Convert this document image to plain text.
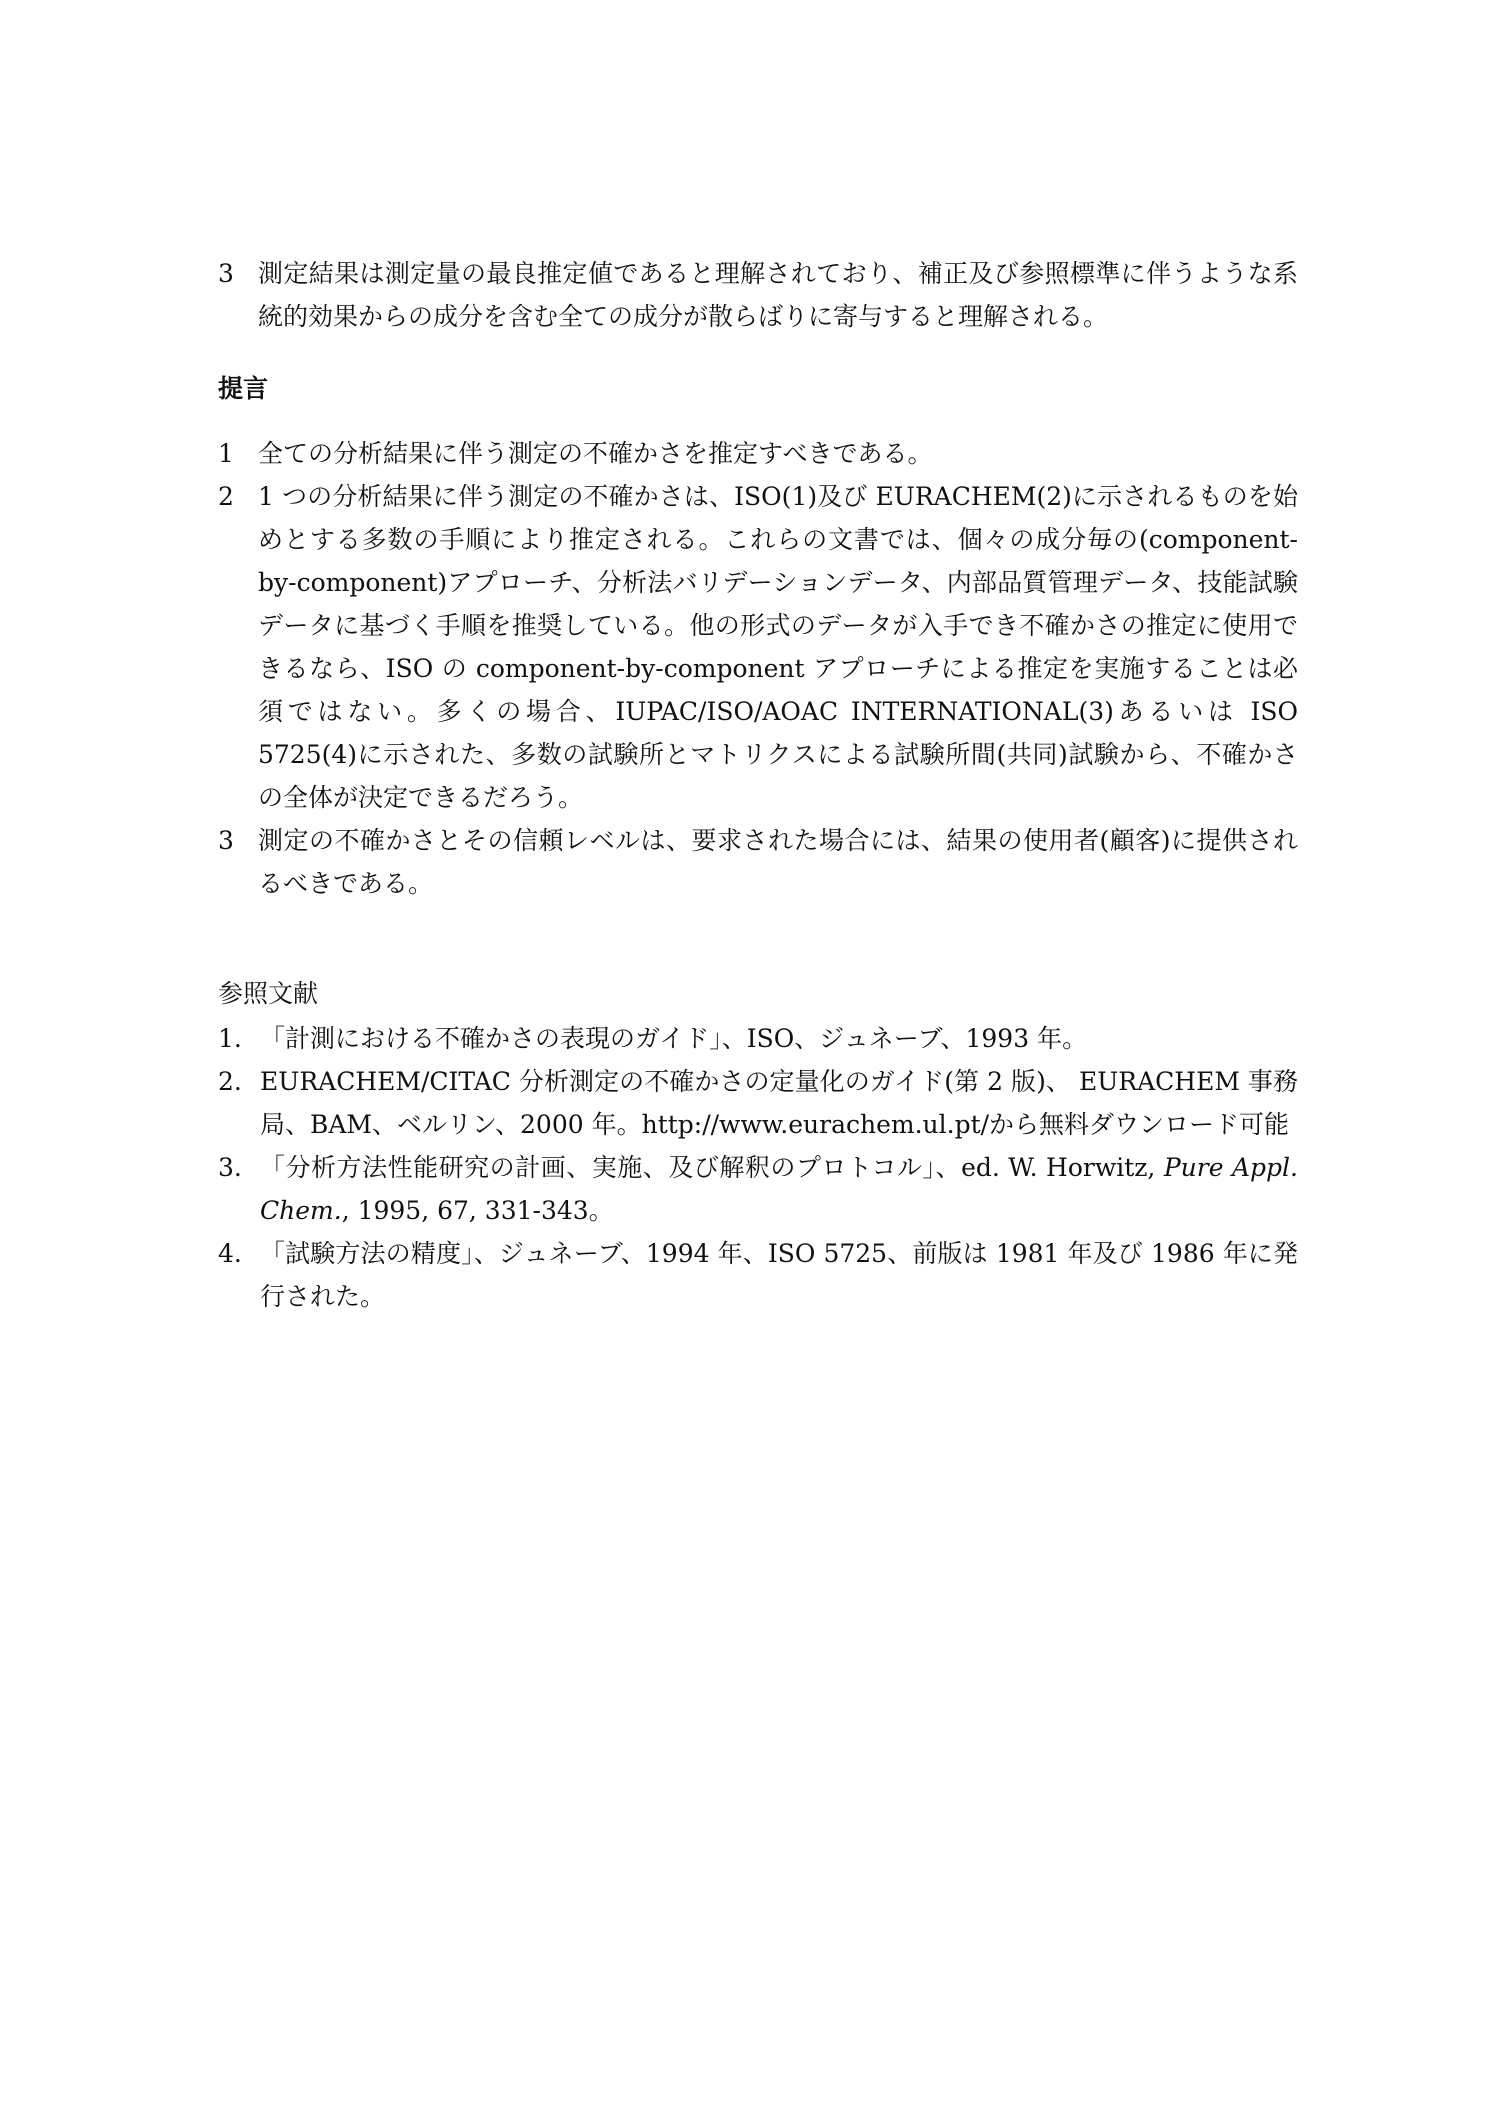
3 測定結果は測定量の最良推定値であると理解されており、補正及び参照標準に伴うような系統的効果からの成分を含む全ての成分が散らばりに寄与すると理解される。
提言
1 全ての分析結果に伴う測定の不確かさを推定すべきである。
2 1 つの分析結果に伴う測定の不確かさは、ISO(1)及び EURACHEM(2)に示されるものを始めとする多数の手順により推定される。これらの文書では、個々の成分毎の(component-by-component)アプローチ、分析法バリデーションデータ、内部品質管理データ、技能試験データに基づく手順を推奨している。他の形式のデータが入手でき不確かさの推定に使用できるなら、ISO の component-by-component アプローチによる推定を実施することは必須ではない。多くの場合、IUPAC/ISO/AOAC INTERNATIONAL(3)あるいは ISO 5725(4)に示された、多数の試験所とマトリクスによる試験所間(共同)試験から、不確かさの全体が決定できるだろう。
3 測定の不確かさとその信頼レベルは、要求された場合には、結果の使用者(顧客)に提供されるべきである。
参照文献
1. 「計測における不確かさの表現のガイド」、ISO、ジュネーブ、1993 年。
2. EURACHEM/CITAC 分析測定の不確かさの定量化のガイド(第 2 版)、 EURACHEM 事務局、BAM、ベルリン、2000 年。http://www.eurachem.ul.pt/から無料ダウンロード可能
3. 「分析方法性能研究の計画、実施、及び解釈のプロトコル」、ed. W. Horwitz, Pure Appl. Chem., 1995, 67, 331-343。
4. 「試験方法の精度」、ジュネーブ、1994 年、ISO 5725、前版は 1981 年及び 1986 年に発行された。
